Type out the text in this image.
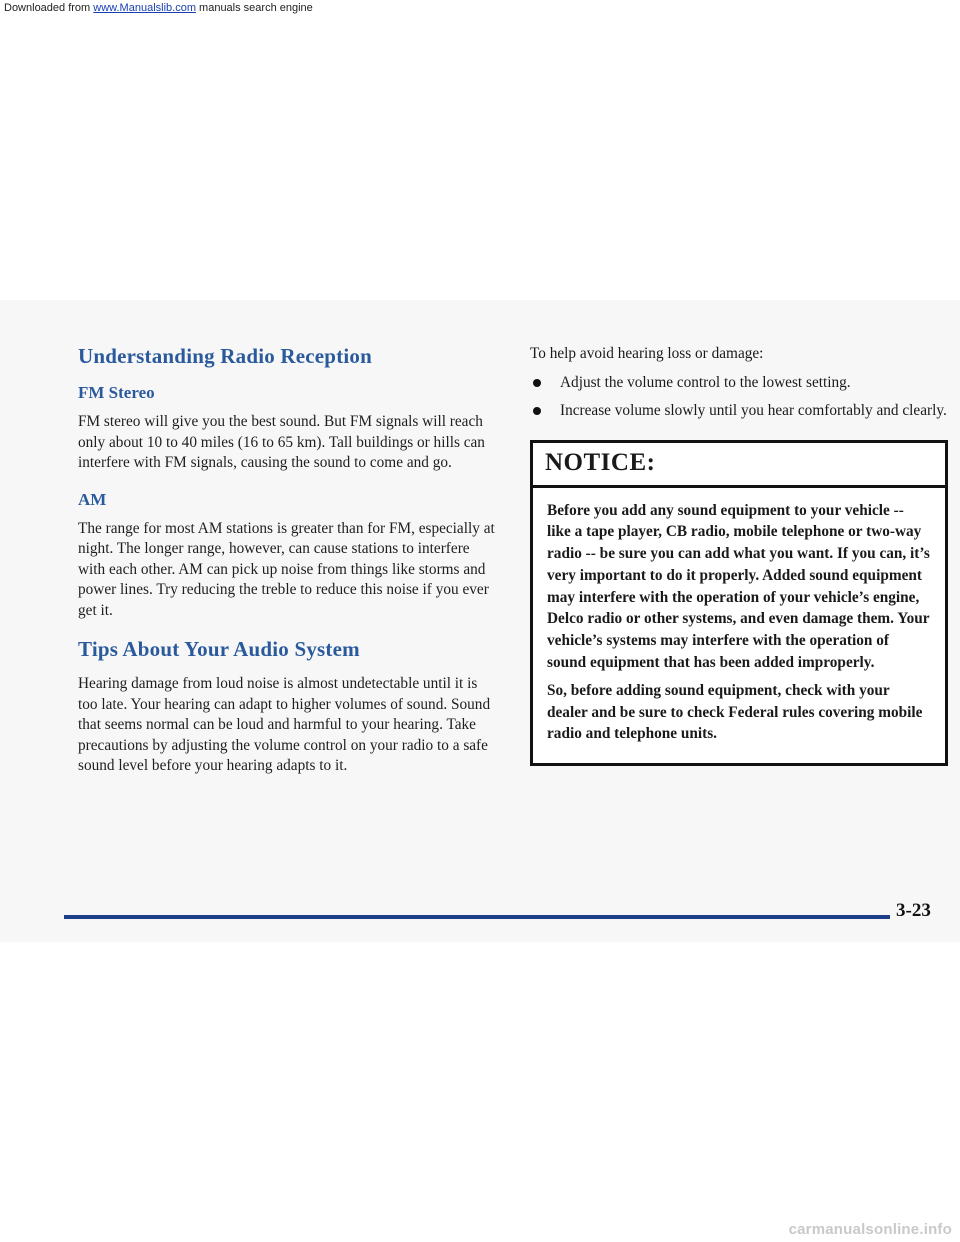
Downloaded from www.Manualslib.com manuals search engine
Understanding Radio Reception
FM Stereo

FM stereo will give you the best sound. But FM signals will reach only about 10 to 40 miles (16 to 65 km). Tall buildings or hills can interfere with FM signals, causing the sound to come and go.

AM

The range for most AM stations is greater than for FM, especially at night. The longer range, however, can cause stations to interfere with each other. AM can pick up noise from things like storms and power lines. Try reducing the treble to reduce this noise if you ever get it.

Tips About Your Audio System

Hearing damage from loud noise is almost undetectable until it is too late. Your hearing can adapt to higher volumes of sound. Sound that seems normal can be loud and harmful to your hearing. Take precautions by adjusting the volume control on your radio to a safe sound level before your hearing adapts to it.

To help avoid hearing loss or damage:

Adjust the volume control to the lowest setting.
Increase volume slowly until you hear comfortably and clearly.
NOTICE:

Before you add any sound equipment to your vehicle -- like a tape player, CB radio, mobile telephone or two-way radio -- be sure you can add what you want. If you can, it’s very important to do it properly. Added sound equipment may interfere with the operation of your vehicle’s engine, Delco radio or other systems, and even damage them. Your vehicle’s systems may interfere with the operation of sound equipment that has been added improperly.

So, before adding sound equipment, check with your dealer and be sure to check Federal rules covering mobile radio and telephone units.

3-23
carmanualsonline.info
